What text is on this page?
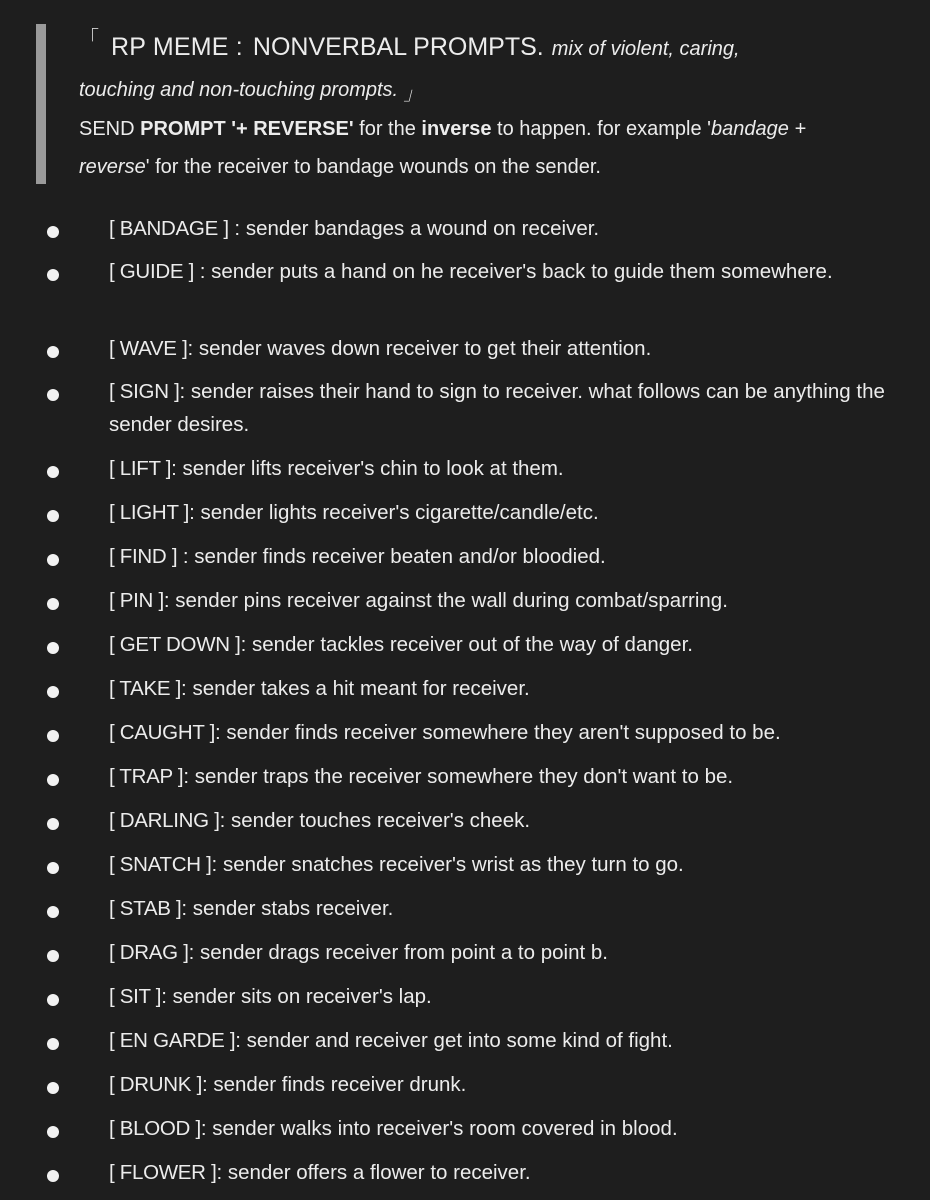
「 RP MEME : NONVERBAL PROMPTS. mix of violent, caring,
touching and non-touching prompts. 」
SEND PROMPT '+ REVERSE' for the inverse to happen. for example 'bandage +
reverse' for the receiver to bandage wounds on the sender.
[ BANDAGE ] : sender bandages a wound on receiver.
[ GUIDE ] : sender puts a hand on he receiver's back to guide them somewhere.
[ WAVE ]: sender waves down receiver to get their attention.
[ SIGN ]: sender raises their hand to sign to receiver. what follows can be anything the sender desires.
[ LIFT ]: sender lifts receiver's chin to look at them.
[ LIGHT ]: sender lights receiver's cigarette/candle/etc.
[ FIND ] : sender finds receiver beaten and/or bloodied.
[ PIN ]: sender pins receiver against the wall during combat/sparring.
[ GET DOWN ]: sender tackles receiver out of the way of danger.
[ TAKE ]: sender takes a hit meant for receiver.
[ CAUGHT ]: sender finds receiver somewhere they aren't supposed to be.
[ TRAP ]: sender traps the receiver somewhere they don't want to be.
[ DARLING ]: sender touches receiver's cheek.
[ SNATCH ]: sender snatches receiver's wrist as they turn to go.
[ STAB ]: sender stabs receiver.
[ DRAG ]: sender drags receiver from point a to point b.
[ SIT ]: sender sits on receiver's lap.
[ EN GARDE ]: sender and receiver get into some kind of fight.
[ DRUNK ]: sender finds receiver drunk.
[ BLOOD ]: sender walks into receiver's room covered in blood.
[ FLOWER ]: sender offers a flower to receiver.
